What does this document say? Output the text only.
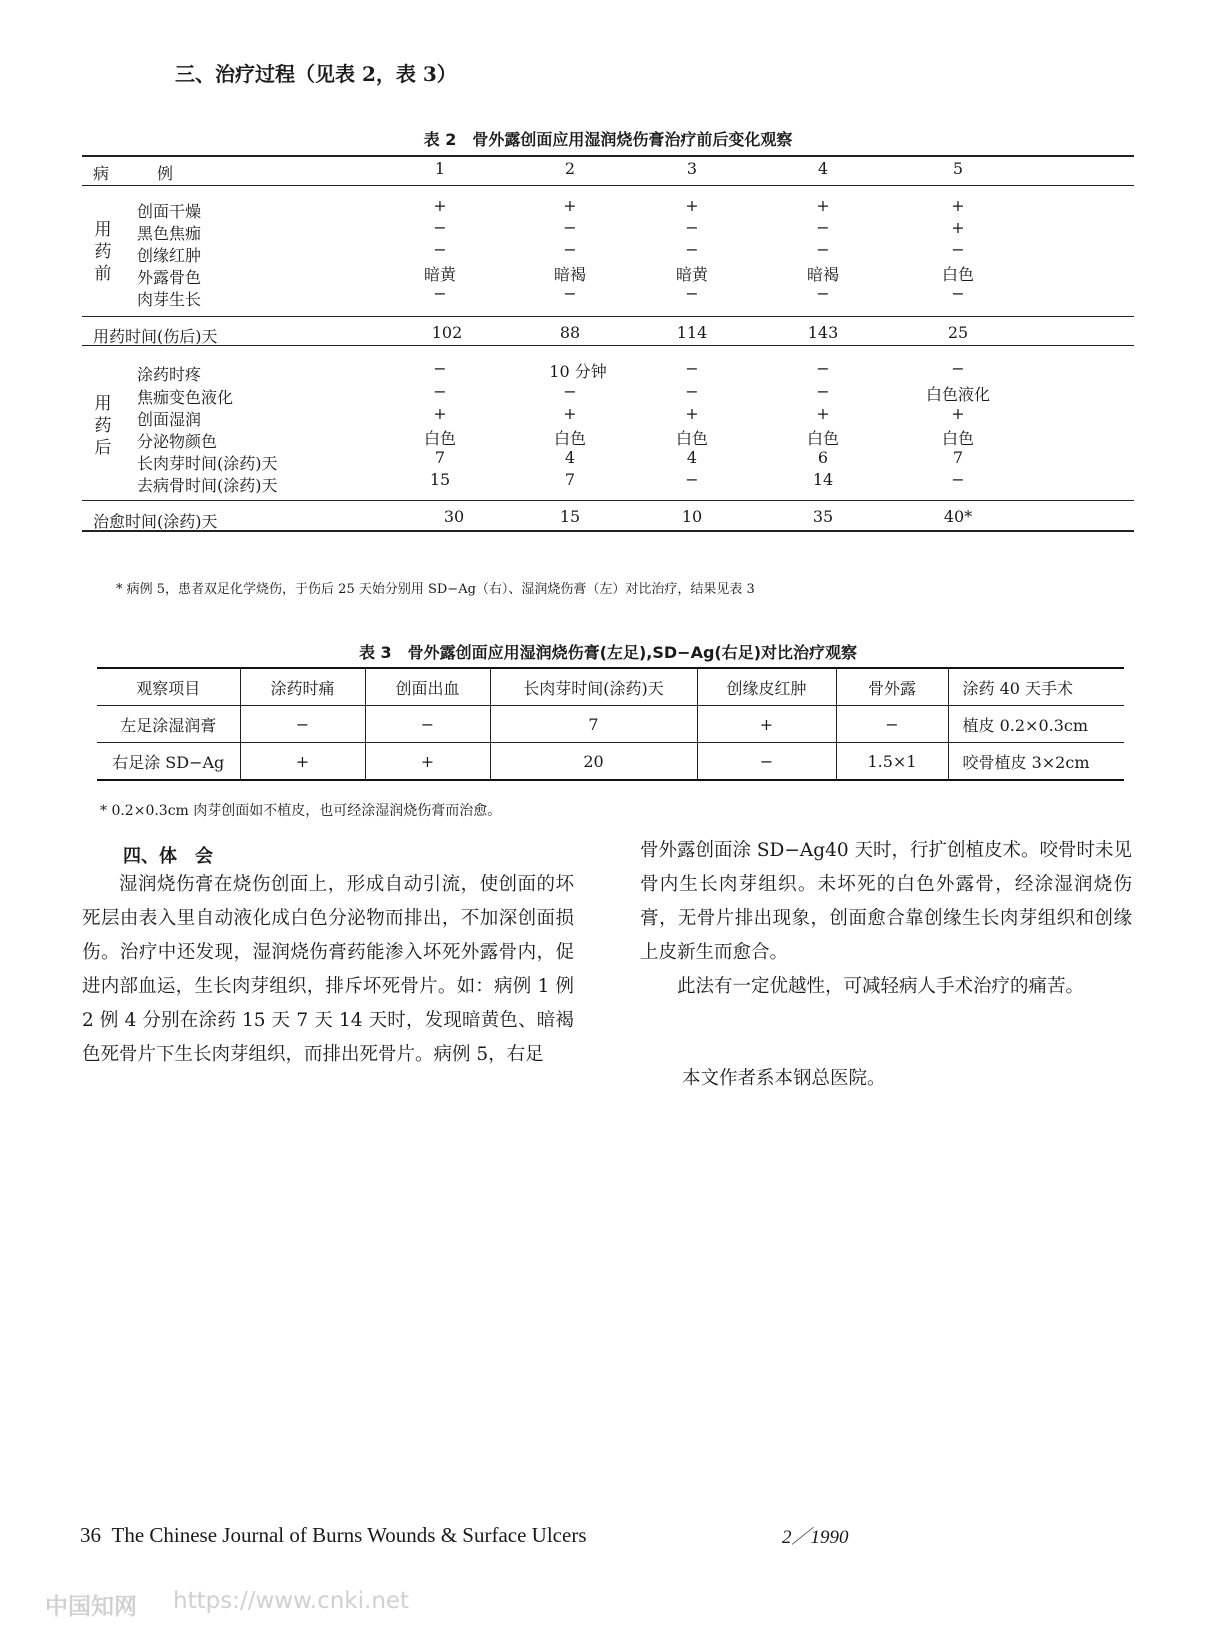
三、治疗过程（见表 2，表 3）
表 2　骨外露创面应用湿润烧伤膏治疗前后变化观察
病　　　例	1	2	3	4	5
用
药
前
创面干燥	+	+	+	+	+
黑色焦痂	−	−	−	−	+
创缘红肿	−	−	−	−	−
外露骨色	暗黄	暗褐	暗黄	暗褐	白色
肉芽生长	−	−	−	−	−
用药时间(伤后)天	102	88	114	143	25
用
药
后
涂药时疼	−	10 分钟	−	−	−
焦痂变色液化	−	−	−	−	白色液化
创面湿润	+	+	+	+	+
分泌物颜色	白色	白色	白色	白色	白色
长肉芽时间(涂药)天	7	4	4	6	7
去病骨时间(涂药)天	15	7	−	14	−
治愈时间(涂药)天	30	15	10	35	40*
* 病例 5，患者双足化学烧伤，于伤后 25 天始分别用 SD−Ag（右）、湿润烧伤膏（左）对比治疗，结果见表 3
表 3　骨外露创面应用湿润烧伤膏(左足),SD−Ag(右足)对比治疗观察
观察项目	涂药时痛	创面出血	长肉芽时间(涂药)天	创缘皮红肿	骨外露	涂药 40 天手术
左足涂湿润膏	−	−	7	+	−	植皮 0.2×0.3cm
右足涂 SD−Ag	+	+	20	−	1.5×1	咬骨植皮 3×2cm
* 0.2×0.3cm 肉芽创面如不植皮，也可经涂湿润烧伤膏而治愈。
四、体　会
湿润烧伤膏在烧伤创面上，形成自动引流，使创面的坏死层由表入里自动液化成白色分泌物而排出，不加深创面损伤。治疗中还发现，湿润烧伤膏药能渗入坏死外露骨内，促进内部血运，生长肉芽组织，排斥坏死骨片。如：病例 1 例 2 例 4 分别在涂药 15 天 7 天 14 天时，发现暗黄色、暗褐色死骨片下生长肉芽组织，而排出死骨片。病例 5，右足
骨外露创面涂 SD−Ag40 天时，行扩创植皮术。咬骨时未见骨内生长肉芽组织。未坏死的白色外露骨，经涂湿润烧伤膏，无骨片排出现象，创面愈合靠创缘生长肉芽组织和创缘上皮新生而愈合。
此法有一定优越性，可减轻病人手术治疗的痛苦。
本文作者系本钢总医院。
36 The Chinese Journal of Burns Wounds & Surface Ulcers	2／1990
中国知网 https://www.cnki.net
